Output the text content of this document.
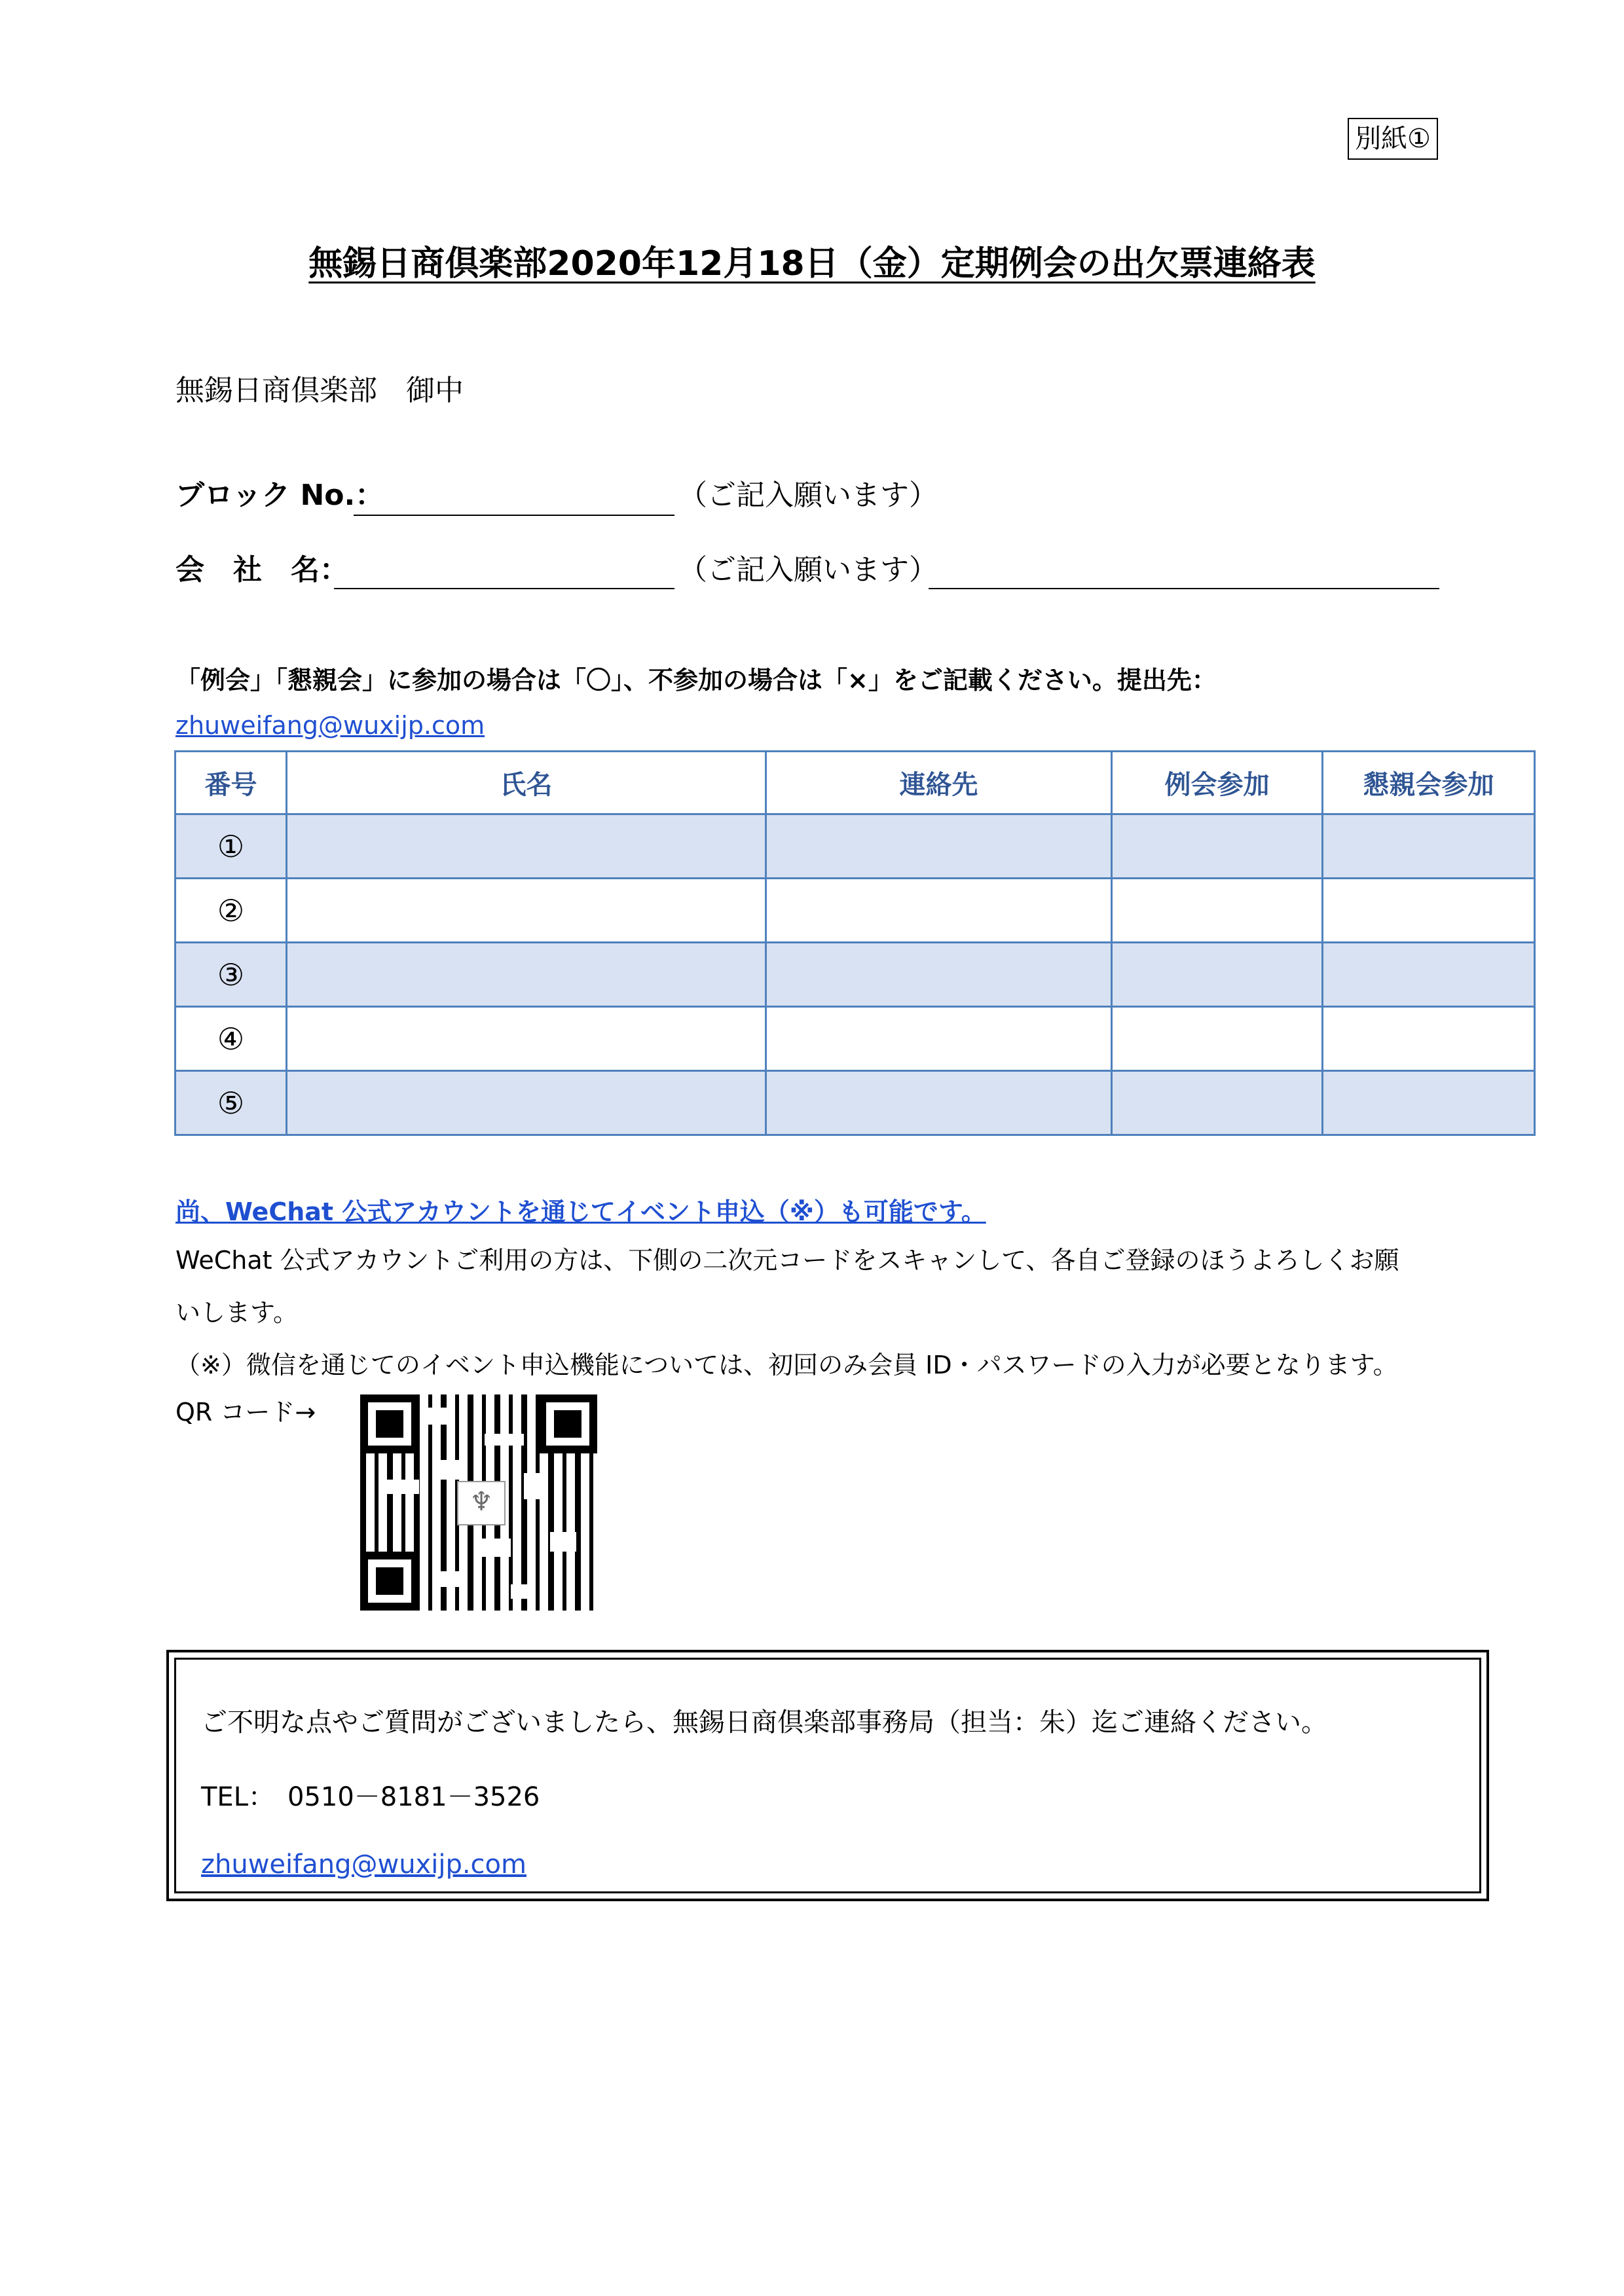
別紙①
無錫日商倶楽部2020年12月18日（金）定期例会の出欠票連絡表
無錫日商倶楽部　御中
ブロック No.：	（ご記入願います）
会　社　名：	（ご記入願います）
「例会」「懇親会」に参加の場合は「〇」、不参加の場合は「×」をご記載ください。提出先：
zhuweifang@wuxijp.com
番号	氏名	連絡先	例会参加	懇親会参加
①				
②				
③				
④				
⑤				
尚、WeChat 公式アカウントを通じてイベント申込（※）も可能です。
WeChat 公式アカウントご利用の方は、下側の二次元コードをスキャンして、各自ご登録のほうよろしくお願
いします。
（※）微信を通じてのイベント申込機能については、初回のみ会員 ID・パスワードの入力が必要となります。
QR コード→
♆
ご不明な点やご質問がございましたら、無錫日商倶楽部事務局（担当：朱）迄ご連絡ください。
TEL：　0510－8181－3526
zhuweifang@wuxijp.com
